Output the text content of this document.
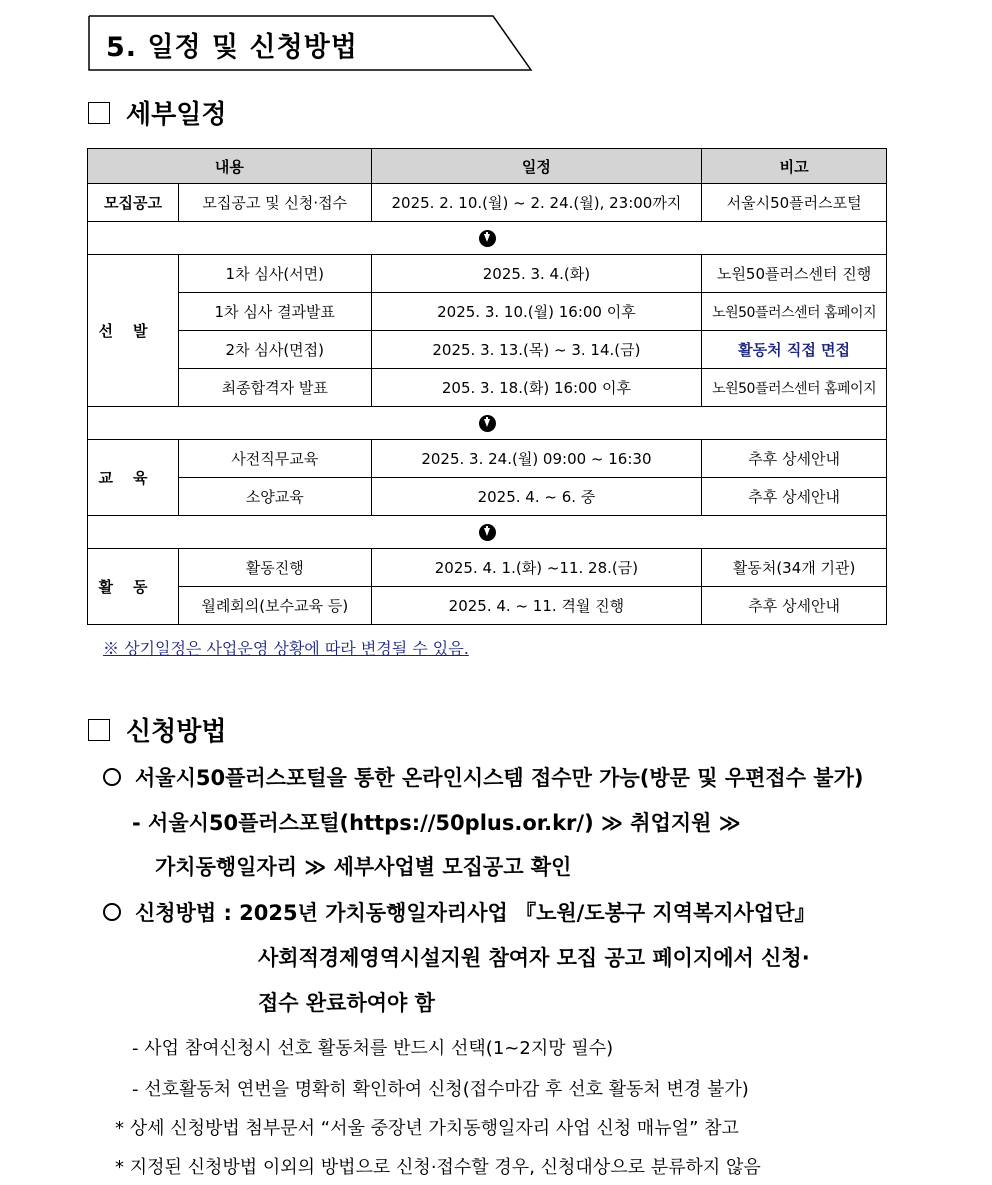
5. 일정 및 신청방법
세부일정
내용		일정	비고
모집공고	모집공고 및 신청·접수	2025. 2. 10.(월) ~ 2. 24.(월), 23:00까지	서울시50플러스포털

선발	1차 심사(서면)	2025. 3. 4.(화)	노원50플러스센터 진행
	1차 심사 결과발표	2025. 3. 10.(월) 16:00 이후	노원50플러스센터 홈페이지
	2차 심사(면접)	2025. 3. 13.(목) ~ 3. 14.(금)	활동처 직접 면접
	최종합격자 발표	205. 3. 18.(화) 16:00 이후	노원50플러스센터 홈페이지

교육	사전직무교육	2025. 3. 24.(월) 09:00 ~ 16:30	추후 상세안내
	소양교육	2025. 4. ~ 6. 중	추후 상세안내

활동	활동진행	2025. 4. 1.(화) ~11. 28.(금)	활동처(34개 기관)
	월례회의(보수교육 등)	2025. 4. ~ 11. 격월 진행	추후 상세안내
※ 상기일정은 사업운영 상황에 따라 변경될 수 있음.
신청방법
서울시50플러스포털을 통한 온라인시스템 접수만 가능(방문 및 우편접수 불가)
- 서울시50플러스포털(https://50plus.or.kr/) ≫ 취업지원 ≫
가치동행일자리 ≫ 세부사업별 모집공고 확인
신청방법 : 2025년 가치동행일자리사업 『노원/도봉구 지역복지사업단』
사회적경제영역시설지원 참여자 모집 공고 페이지에서 신청·
접수 완료하여야 함
- 사업 참여신청시 선호 활동처를 반드시 선택(1~2지망 필수)
- 선호활동처 연번을 명확히 확인하여 신청(접수마감 후 선호 활동처 변경 불가)
* 상세 신청방법 첨부문서 “서울 중장년 가치동행일자리 사업 신청 매뉴얼” 참고
* 지정된 신청방법 이외의 방법으로 신청·접수할 경우, 신청대상으로 분류하지 않음
